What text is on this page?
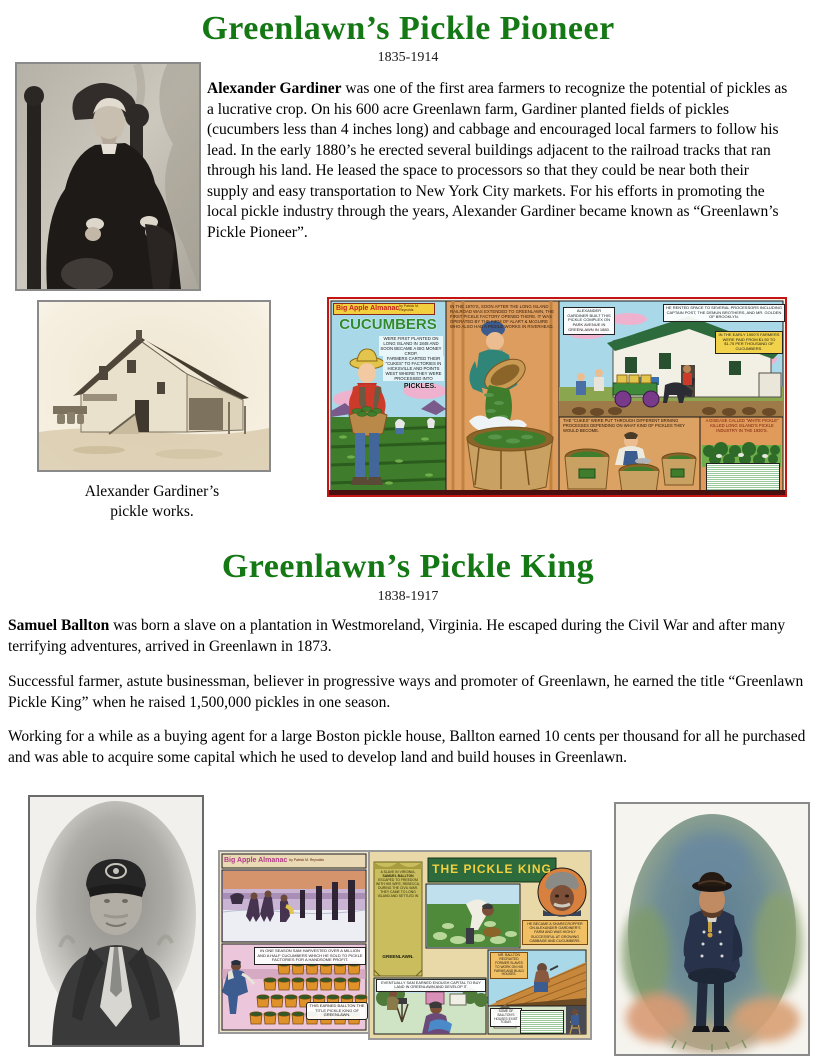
Greenlawn’s Pickle Pioneer
1835-1914
Alexander Gardiner was one of the first area farmers to recognize the potential of pickles as a lucrative crop. On his 600 acre Greenlawn farm, Gardiner planted fields of pickles (cucumbers less than 4 inches long) and cabbage and encouraged local farmers to follow his lead. In the early 1880’s he erected several buildings adjacent to the railroad tracks that ran through his land. He leased the space to processors so that they could be near both their supply and easy transportation to New York City markets. For his efforts in promoting the local pickle industry through the years, Alexander Gardiner became known as “Greenlawn’s Pickle Pioneer”.
Alexander Gardiner’s
pickle works.
Big Apple Almanac by Patrick M. Reynolds
CUCUMBERS
WERE FIRST PLANTED ON LONG ISLAND IN 1848 AND SOON BECAME A BIG MONEY CROP.
FARMERS CARTED THEIR “CUKES” TO FACTORIES IN HICKSVILLE AND POINTS WEST WHERE THEY WERE PROCESSED INTO
PICKLES.
IN THE 1870’S, SOON AFTER THE LONG ISLAND RAILROAD WAS EXTENDED TO GREENLAWN, THE FIRST PICKLE FACTORY OPENED THERE. IT WAS OPERATED BY THE FIRM OF ALART & McGUIRE WHO ALSO HAD A PICKLE WORKS IN RIVERHEAD.
ALEXANDER GARDINER BUILT THIS PICKLE COMPLEX ON PARK AVENUE IN GREENLAWN IN 1880.
HE RENTED SPACE TO SEVERAL PROCESSORS INCLUDING CAPTAIN POST, THE DEMUN BROTHERS, AND MR. GOLDEN OF BROOKLYN.
IN THE EARLY 1900’S FARMERS WERE PAID FROM $1.50 TO $1.75 PER THOUSAND OF CUCUMBERS.
THE “CUKES” WERE PUT THROUGH DIFFERENT BRINING PROCESSES DEPENDING ON WHAT KIND OF PICKLES THEY WOULD BECOME.
A DISEASE CALLED “WHITE PICKLE” KILLED LONG ISLAND’S PICKLE INDUSTRY IN THE 1930’S.
Greenlawn’s Pickle King
1838-1917
Samuel Ballton was born a slave on a plantation in Westmoreland, Virginia. He escaped during the Civil War and after many terrifying adventures, arrived in Greenlawn in 1873.
Successful farmer, astute businessman, believer in progressive ways and promoter of Greenlawn, he earned the title “Greenlawn Pickle King” when he raised 1,500,000 pickles in one season.
Working for a while as a buying agent for a large Boston pickle house, Ballton earned 10 cents per thousand for all he purchased and was able to acquire some capital which he used to develop land and build houses in Greenlawn.
Big Apple Almanac by Patrick M. Reynolds
IN ONE SEASON SAM HARVESTED OVER A MILLION AND A HALF CUCUMBERS WHICH HE SOLD TO PICKLE FACTORIES FOR A HANDSOME PROFIT.
THIS EARNED BALLTON THE TITLE PICKLE KING OF GREENLAWN.
THE PICKLE KING
A SLAVE IN VIRGINIA, SAMUEL BALLTON ESCAPED TO FREEDOM WITH HIS WIFE, REBECCA, DURING THE CIVIL WAR. THEY CAME TO LONG ISLAND AND SETTLED IN
GREENLAWN.
HE BECAME A SHARECROPPER ON ALEXANDER GARDINER’S FARM AND WAS HIGHLY SUCCESSFUL AT GROWING CABBAGE AND CUCUMBERS.
MR. BALLTON RECRUITED FORMER SLAVES TO WORK ON HIS FARMS AND BUILD HOUSES.
EVENTUALLY SAM EARNED ENOUGH CAPITAL TO BUY LAND IN GREENLAWN AND DEVELOP IT.
SOME OF BALLTON’S HOUSES EXIST TODAY.
